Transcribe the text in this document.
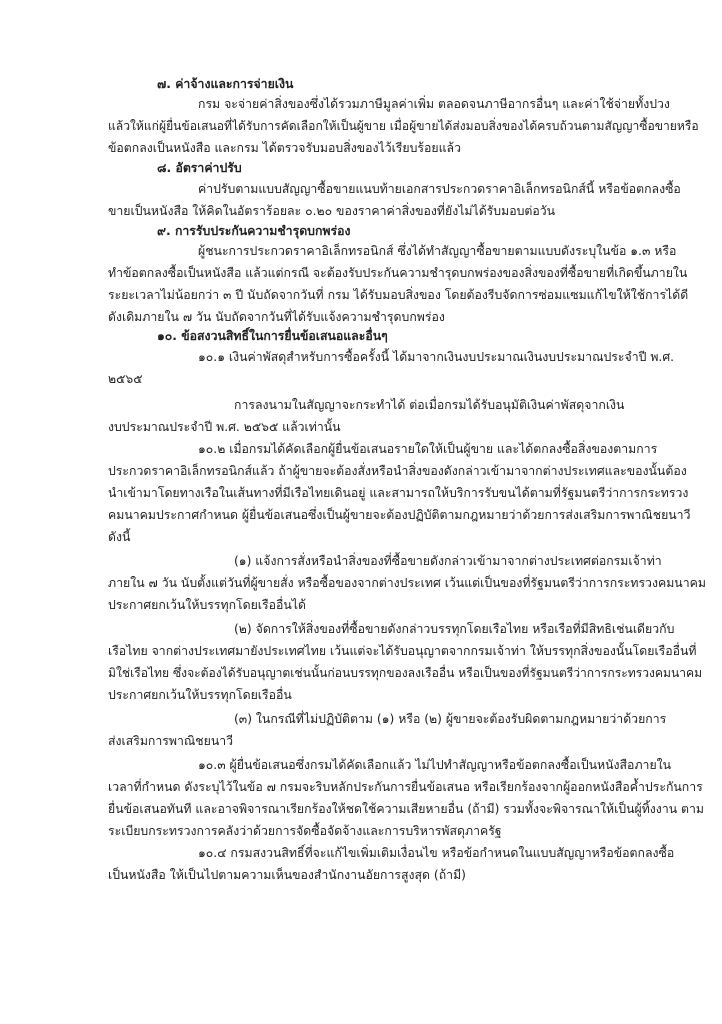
๗. ค่าจ้างและการจ่ายเงิน
กรม จะจ่ายค่าสิ่งของซึ่งได้รวมภาษีมูลค่าเพิ่ม ตลอดจนภาษีอากรอื่นๆ และค่าใช้จ่ายทั้งปวง
แล้วให้แก่ผู้ยื่นข้อเสนอที่ได้รับการคัดเลือกให้เป็นผู้ขาย เมื่อผู้ขายได้ส่งมอบสิ่งของได้ครบถ้วนตามสัญญาซื้อขายหรือ
ข้อตกลงเป็นหนังสือ และกรม ได้ตรวจรับมอบสิ่งของไว้เรียบร้อยแล้ว
๘. อัตราค่าปรับ
ค่าปรับตามแบบสัญญาซื้อขายแนบท้ายเอกสารประกวดราคาอิเล็กทรอนิกส์นี้ หรือข้อตกลงซื้อ
ขายเป็นหนังสือ ให้คิดในอัตราร้อยละ ๐.๒๐ ของราคาค่าสิ่งของที่ยังไม่ได้รับมอบต่อวัน
๙. การรับประกันความชำรุดบกพร่อง
ผู้ชนะการประกวดราคาอิเล็กทรอนิกส์ ซึ่งได้ทำสัญญาซื้อขายตามแบบดังระบุในข้อ ๑.๓ หรือ
ทำข้อตกลงซื้อเป็นหนังสือ แล้วแต่กรณี จะต้องรับประกันความชำรุดบกพร่องของสิ่งของที่ซื้อขายที่เกิดขึ้นภายใน
ระยะเวลาไม่น้อยกว่า ๓ ปี นับถัดจากวันที่ กรม ได้รับมอบสิ่งของ โดยต้องรีบจัดการซ่อมแซมแก้ไขให้ใช้การได้ดี
ดังเดิมภายใน ๗ วัน นับถัดจากวันที่ได้รับแจ้งความชำรุดบกพร่อง
๑๐. ข้อสงวนสิทธิ์ในการยื่นข้อเสนอและอื่นๆ
๑๐.๑ เงินค่าพัสดุสำหรับการซื้อครั้งนี้ ได้มาจากเงินงบประมาณเงินงบประมาณประจำปี พ.ศ.
๒๕๖๕
การลงนามในสัญญาจะกระทำได้ ต่อเมื่อกรมได้รับอนุมัติเงินค่าพัสดุจากเงิน
งบประมาณประจำปี พ.ศ. ๒๕๖๕ แล้วเท่านั้น
๑๐.๒ เมื่อกรมได้คัดเลือกผู้ยื่นข้อเสนอรายใดให้เป็นผู้ขาย และได้ตกลงซื้อสิ่งของตามการ
ประกวดราคาอิเล็กทรอนิกส์แล้ว ถ้าผู้ขายจะต้องสั่งหรือนำสิ่งของดังกล่าวเข้ามาจากต่างประเทศและของนั้นต้อง
นำเข้ามาโดยทางเรือในเส้นทางที่มีเรือไทยเดินอยู่ และสามารถให้บริการรับขนได้ตามที่รัฐมนตรีว่าการกระทรวง
คมนาคมประกาศกำหนด ผู้ยื่นข้อเสนอซึ่งเป็นผู้ขายจะต้องปฏิบัติตามกฎหมายว่าด้วยการส่งเสริมการพาณิชยนาวี
ดังนี้
(๑) แจ้งการสั่งหรือนำสิ่งของที่ซื้อขายดังกล่าวเข้ามาจากต่างประเทศต่อกรมเจ้าท่า
ภายใน ๗ วัน นับตั้งแต่วันที่ผู้ขายสั่ง หรือซื้อของจากต่างประเทศ เว้นแต่เป็นของที่รัฐมนตรีว่าการกระทรวงคมนาคม
ประกาศยกเว้นให้บรรทุกโดยเรืออื่นได้
(๒) จัดการให้สิ่งของที่ซื้อขายดังกล่าวบรรทุกโดยเรือไทย หรือเรือที่มีสิทธิเช่นเดียวกับ
เรือไทย จากต่างประเทศมายังประเทศไทย เว้นแต่จะได้รับอนุญาตจากกรมเจ้าท่า ให้บรรทุกสิ่งของนั้นโดยเรืออื่นที่
มิใช่เรือไทย ซึ่งจะต้องได้รับอนุญาตเช่นนั้นก่อนบรรทุกของลงเรืออื่น หรือเป็นของที่รัฐมนตรีว่าการกระทรวงคมนาคม
ประกาศยกเว้นให้บรรทุกโดยเรืออื่น
(๓) ในกรณีที่ไม่ปฏิบัติตาม (๑) หรือ (๒) ผู้ขายจะต้องรับผิดตามกฎหมายว่าด้วยการ
ส่งเสริมการพาณิชยนาวี
๑๐.๓ ผู้ยื่นข้อเสนอซึ่งกรมได้คัดเลือกแล้ว ไม่ไปทำสัญญาหรือข้อตกลงซื้อเป็นหนังสือภายใน
เวลาที่กำหนด ดังระบุไว้ในข้อ ๗ กรมจะริบหลักประกันการยื่นข้อเสนอ หรือเรียกร้องจากผู้ออกหนังสือค้ำประกันการ
ยื่นข้อเสนอทันที และอาจพิจารณาเรียกร้องให้ชดใช้ความเสียหายอื่น (ถ้ามี) รวมทั้งจะพิจารณาให้เป็นผู้ทิ้งงาน ตาม
ระเบียบกระทรวงการคลังว่าด้วยการจัดซื้อจัดจ้างและการบริหารพัสดุภาครัฐ
๑๐.๔ กรมสงวนสิทธิ์ที่จะแก้ไขเพิ่มเติมเงื่อนไข หรือข้อกำหนดในแบบสัญญาหรือข้อตกลงซื้อ
เป็นหนังสือ ให้เป็นไปตามความเห็นของสำนักงานอัยการสูงสุด (ถ้ามี)
